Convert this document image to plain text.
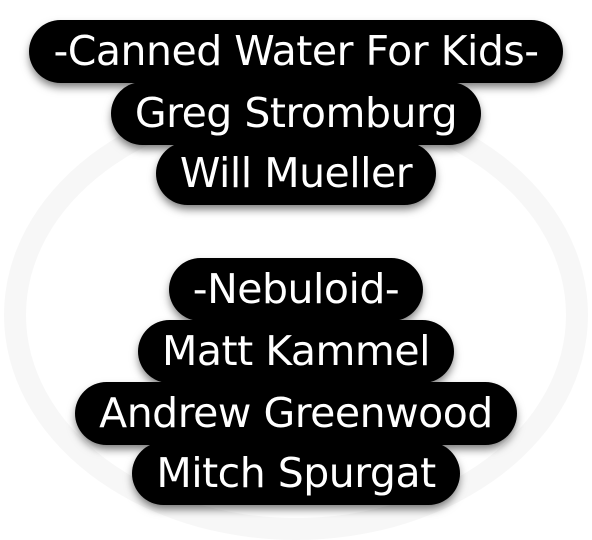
-Canned Water For Kids-
Greg Stromburg
Will Mueller
-Nebuloid-
Matt Kammel
Andrew Greenwood
Mitch Spurgat
